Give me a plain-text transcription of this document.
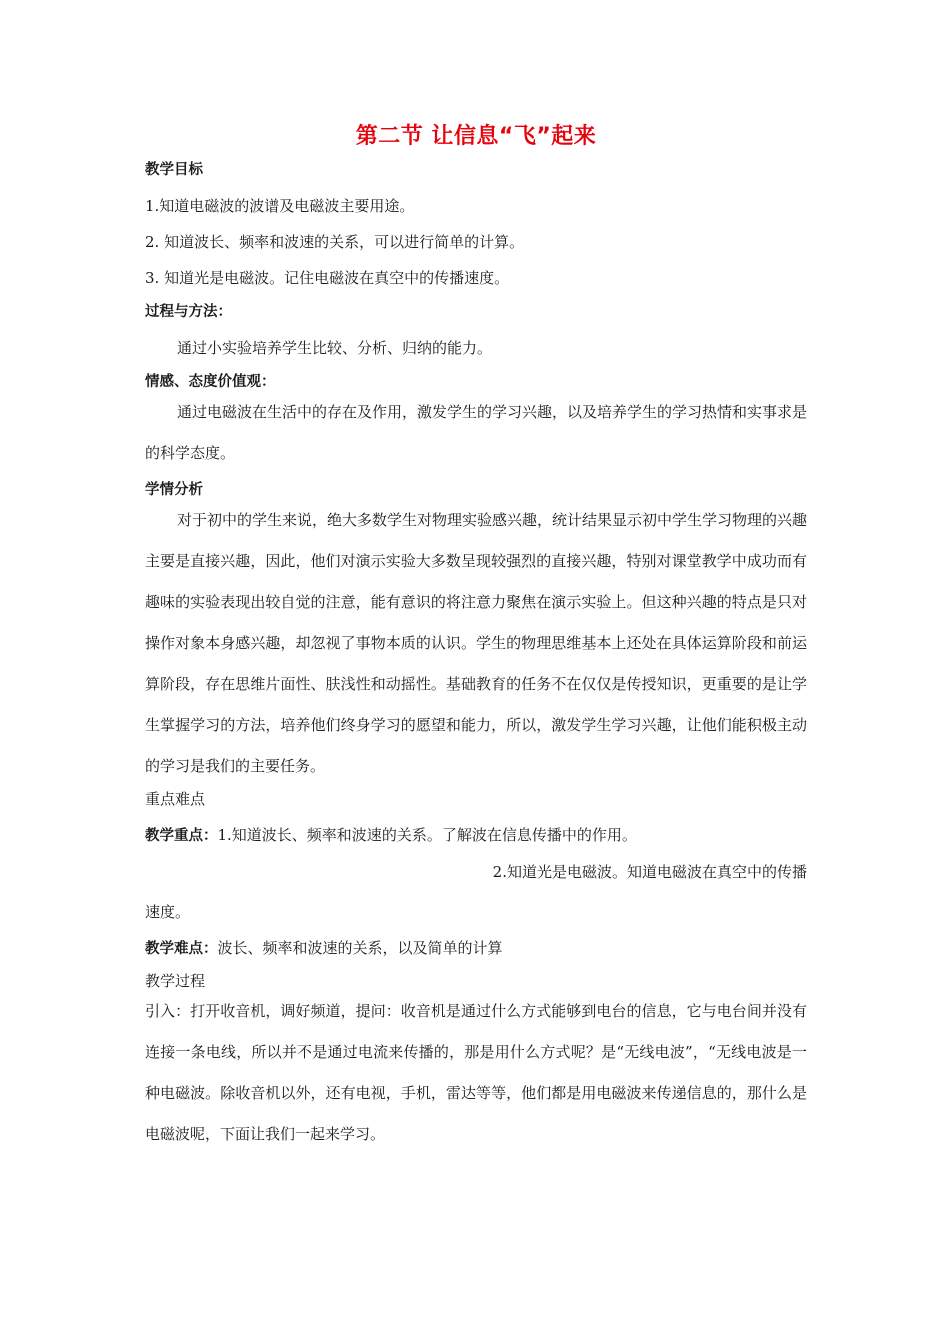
第二节 让信息“飞”起来

教学目标

1.知道电磁波的波谱及电磁波主要用途。

2. 知道波长、频率和波速的关系，可以进行简单的计算。

3. 知道光是电磁波。记住电磁波在真空中的传播速度。

过程与方法：

通过小实验培养学生比较、分析、归纳的能力。

情感、态度价值观：

通过电磁波在生活中的存在及作用，激发学生的学习兴趣，以及培养学生的学习热情和实事求是的科学态度。

学情分析

对于初中的学生来说，绝大多数学生对物理实验感兴趣，统计结果显示初中学生学习物理的兴趣主要是直接兴趣，因此，他们对演示实验大多数呈现较强烈的直接兴趣，特别对课堂教学中成功而有趣味的实验表现出较自觉的注意，能有意识的将注意力聚焦在演示实验上。但这种兴趣的特点是只对操作对象本身感兴趣，却忽视了事物本质的认识。学生的物理思维基本上还处在具体运算阶段和前运算阶段，存在思维片面性、肤浅性和动摇性。基础教育的任务不在仅仅是传授知识，更重要的是让学生掌握学习的方法，培养他们终身学习的愿望和能力，所以，激发学生学习兴趣，让他们能积极主动的学习是我们的主要任务。

重点难点

教学重点：1.知道波长、频率和波速的关系。了解波在信息传播中的作用。

2.知道光是电磁波。知道电磁波在真空中的传播

速度。

教学难点：波长、频率和波速的关系，以及简单的计算

教学过程

引入：打开收音机，调好频道，提问：收音机是通过什么方式能够到电台的信息，它与电台间并没有连接一条电线，所以并不是通过电流来传播的，那是用什么方式呢？是“无线电波”，“无线电波是一种电磁波。除收音机以外，还有电视，手机，雷达等等，他们都是用电磁波来传递信息的，那什么是电磁波呢，下面让我们一起来学习。
